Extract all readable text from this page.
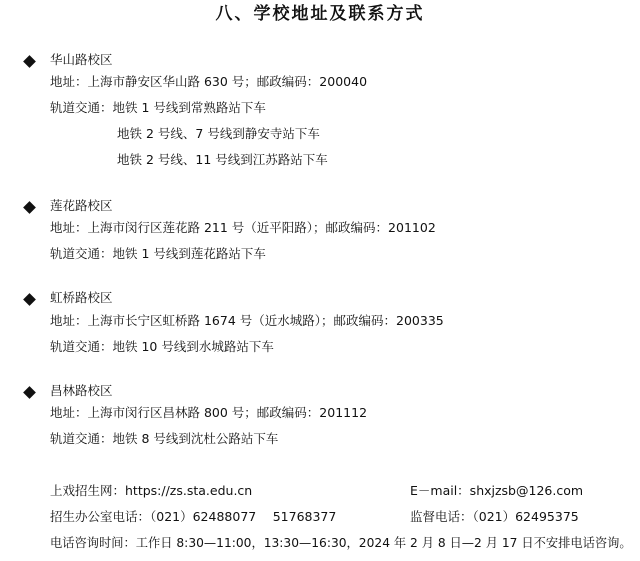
八、学校地址及联系方式
华山路校区
地址：上海市静安区华山路 630 号；邮政编码：200040
轨道交通：地铁 1 号线到常熟路站下车
地铁 2 号线、7 号线到静安寺站下车
地铁 2 号线、11 号线到江苏路站下车
莲花路校区
地址：上海市闵行区莲花路 211 号（近平阳路）；邮政编码：201102
轨道交通：地铁 1 号线到莲花路站下车
虹桥路校区
地址：上海市长宁区虹桥路 1674 号（近水城路）；邮政编码：200335
轨道交通：地铁 10 号线到水城路站下车
昌林路校区
地址：上海市闵行区昌林路 800 号；邮政编码：201112
轨道交通：地铁 8 号线到沈杜公路站下车
上戏招生网：https://zs.sta.edu.cn	E－mail：shxjzsb@126.com
招生办公室电话：（021）62488077　 51768377	监督电话：（021）62495375
电话咨询时间：工作日 8:30—11:00，13:30—16:30，2024 年 2 月 8 日—2 月 17 日不安排电话咨询。
